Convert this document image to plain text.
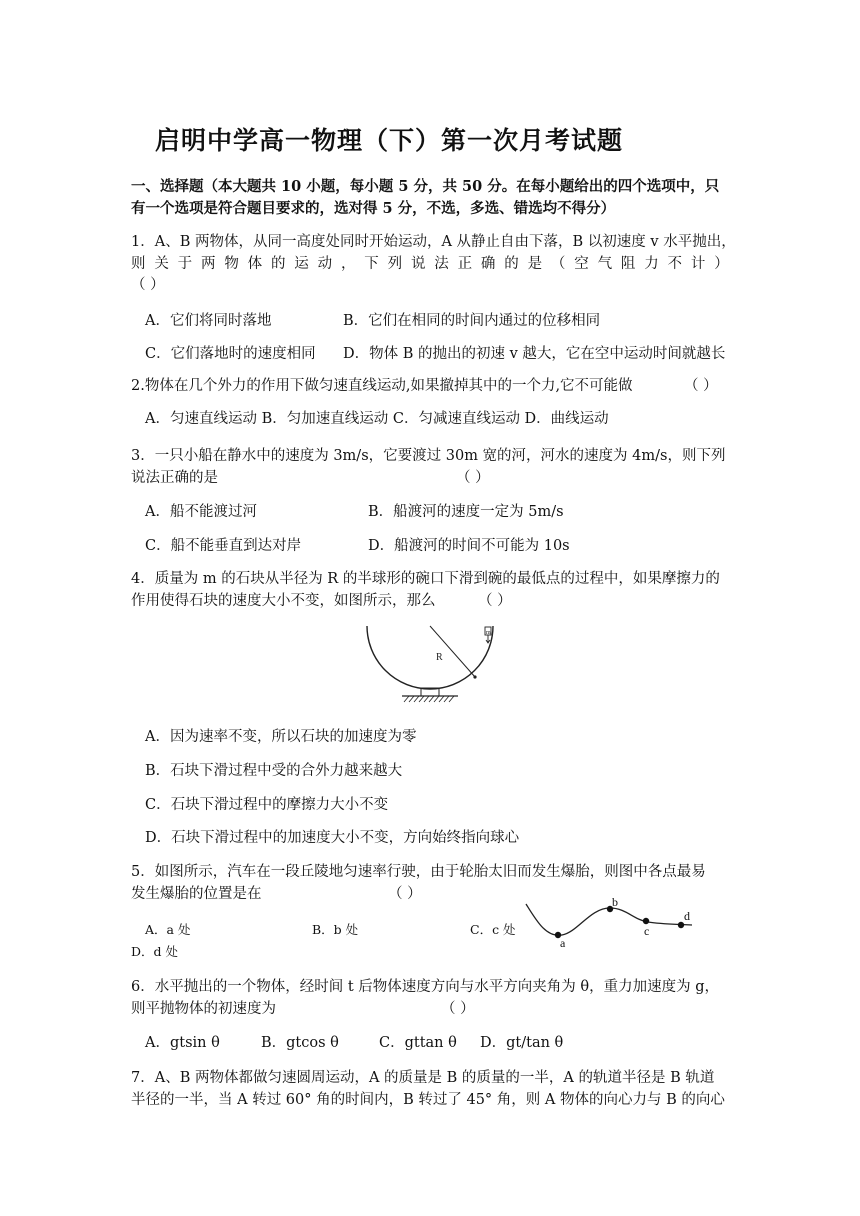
启明中学高一物理（下）第一次月考试题
一、选择题（本大题共 10 小题，每小题 5 分，共 50 分。在每小题给出的四个选项中，只
有一个选项是符合题目要求的，选对得 5 分，不选，多选、错选均不得分）
1．A、B 两物体，从同一高度处同时开始运动，A 从静止自由下落，B 以初速度 v 水平抛出，
则 关 于 两 物 体 的 运 动 ， 下 列 说 法 正 确 的 是 （ 空 气 阻 力 不 计 ）
（ ）
A．它们将同时落地	B．它们在相同的时间内通过的位移相同
C．它们落地时的速度相同 D．物体 B 的抛出的初速 v 越大，它在空中运动时间就越长
2.物体在几个外力的作用下做匀速直线运动,如果撤掉其中的一个力,它不可能做	（ ）
A．匀速直线运动 B．匀加速直线运动 C．匀减速直线运动 D．曲线运动
3．一只小船在静水中的速度为 3m/s，它要渡过 30m 宽的河，河水的速度为 4m/s，则下列
说法正确的是	（ ）
A．船不能渡过河	B．船渡河的速度一定为 5m/s
C．船不能垂直到达对岸	D．船渡河的时间不可能为 10s
4．质量为 m 的石块从半径为 R 的半球形的碗口下滑到碗的最低点的过程中，如果摩擦力的
作用使得石块的速度大小不变，如图所示，那么	（ ）
R
m
A．因为速率不变，所以石块的加速度为零
B．石块下滑过程中受的合外力越来越大
C．石块下滑过程中的摩擦力大小不变
D．石块下滑过程中的加速度大小不变，方向始终指向球心
5．如图所示，汽车在一段丘陵地匀速率行驶，由于轮胎太旧而发生爆胎，则图中各点最易
发生爆胎的位置是在	（ ）
A．a 处	B．b 处	C．c 处
D．d 处
a
b
c
d
6．水平抛出的一个物体，经时间 t 后物体速度方向与水平方向夹角为 θ，重力加速度为 g，
则平抛物体的初速度为	（ ）
A．gtsin θ	B．gtcos θ	C．gttan θ D．gt/tan θ
7．A、B 两物体都做匀速圆周运动，A 的质量是 B 的质量的一半，A 的轨道半径是 B 轨道
半径的一半，当 A 转过 60° 角的时间内，B 转过了 45° 角，则 A 物体的向心力与 B 的向心
